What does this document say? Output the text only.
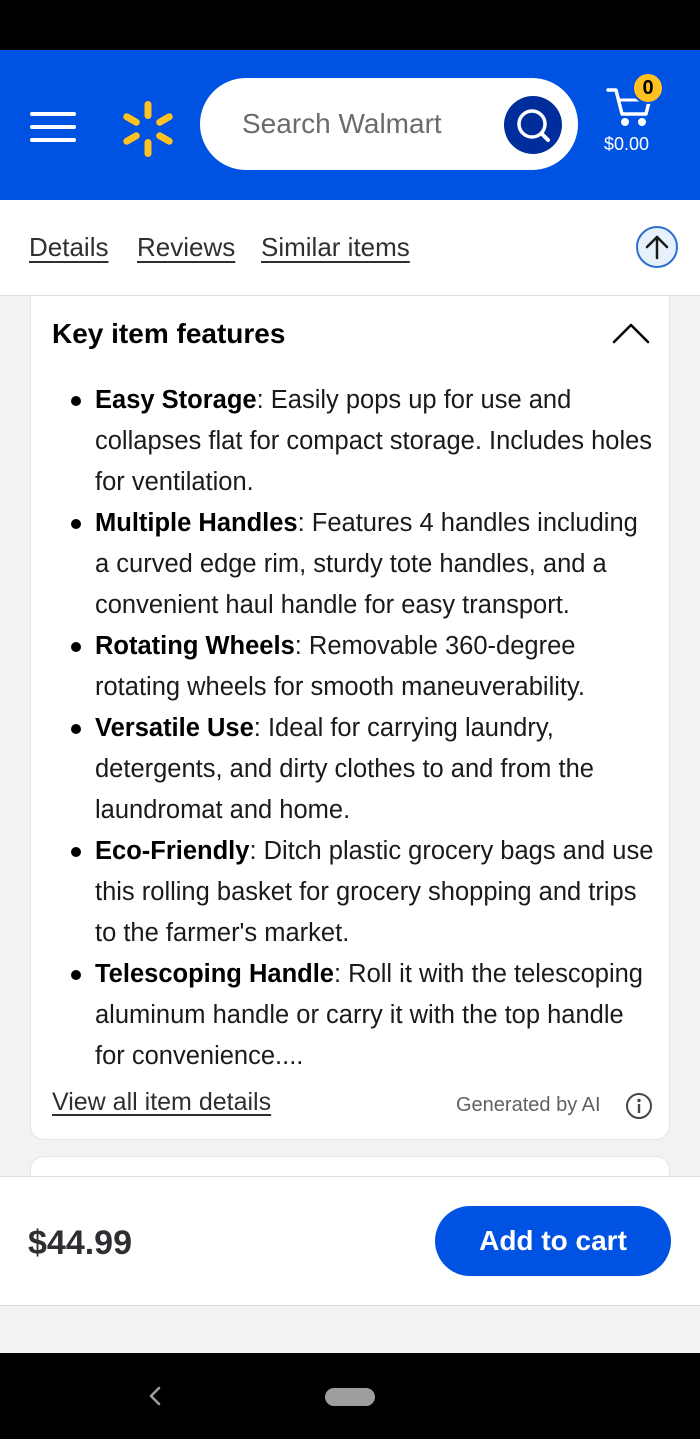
Search Walmart
0
$0.00
Details Reviews Similar items
Key item features
Easy Storage: Easily pops up for use and collapses flat for compact storage. Includes holes for ventilation.
Multiple Handles: Features 4 handles including a curved edge rim, sturdy tote handles, and a convenient haul handle for easy transport.
Rotating Wheels: Removable 360-degree rotating wheels for smooth maneuverability.
Versatile Use: Ideal for carrying laundry, detergents, and dirty clothes to and from the laundromat and home.
Eco-Friendly: Ditch plastic grocery bags and use this rolling basket for grocery shopping and trips to the farmer's market.
Telescoping Handle: Roll it with the telescoping aluminum handle or carry it with the top handle for convenience....
View all item details	Generated by AI
$44.99	Add to cart
